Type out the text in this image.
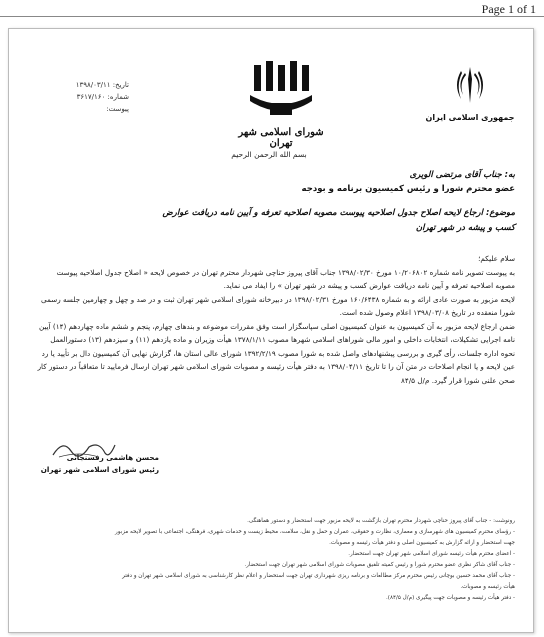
Page 1 of 1
تاریخ: ۱۳۹۸/۰۳/۱۱
شماره: ۳۶۱۷/۱۶۰
پیوست:
شورای اسلامی شهر تهران
جمهوری اسلامی ایران
بسم الله الرحمن الرحیم
به: جناب آقای مرتضی الویری
عضو محترم شورا و رئیس کمیسیون برنامه و بودجه
موضوع: ارجاع لایحه اصلاح جدول اصلاحیه پیوست مصوبه اصلاحیه تعرفه و آیین نامه دریافت عوارض
کسب و پیشه در شهر تهران

سلام علیکم؛

به پیوست تصویر نامه شماره ۱۰/۲۰۶۸۰۲ مورخ ۱۳۹۸/۰۲/۳۰ جناب آقای پیروز حناچی شهردار محترم تهران در خصوص لایحه « اصلاح جدول اصلاحیه پیوست مصوبه اصلاحیه تعرفه و آیین نامه دریافت عوارض کسب و پیشه در شهر تهران » را ایفاد می نماید.

لایحه مزبور به صورت عادی ارائه و به شماره ۱۶۰/۶۴۳۸ مورخ ۱۳۹۸/۰۲/۳۱ در دبیرخانه شورای اسلامی شهر تهران ثبت و در صد و چهل و چهارمین جلسه رسمی شورا منعقده در تاریخ ۱۳۹۸/۰۳/۰۸ اعلام وصول شده است.

ضمن ارجاع لایحه مزبور به آن کمیسیون به عنوان کمیسیون اصلی سپاسگزار است وفق مقررات موضوعه و بندهای چهارم، پنجم و ششم ماده چهاردهم (۱۴) آیین نامه اجرایی تشکیلات، انتخابات داخلی و امور مالی شوراهای اسلامی شهرها مصوب ۱۳۷۸/۱/۱۱ هیأت وزیران و ماده یازدهم (۱۱) و سیزدهم (۱۳) دستورالعمل نحوه اداره جلسات، رأی گیری و بررسی پیشنهادهای واصل شده به شورا مصوب ۱۳۹۲/۲/۱۹ شورای عالی استان ها، گزارش نهایی آن کمیسیون دال بر تأیید یا رد عین لایحه و یا انجام اصلاحات در متن آن را تا تاریخ ۱۳۹۸/۰۴/۱۱ به دفتر هیأت رئیسه و مصوبات شورای اسلامی شهر تهران ارسال فرمایید تا متعاقباً در دستور کار صحن علنی شورا قرار گیرد. م/ل ۸۴/۵

محسن هاشمی رفسنجانی
رئیس شورای اسلامی شهر تهران
رونوشت: - جناب آقای پیروز حناچی شهردار محترم تهران بازگشت به لایحه مزبور جهت استحضار و دستور هماهنگی.
- رؤسای محترم کمیسیون های شهرسازی و معماری، نظارت و حقوقی، عمران و حمل و نقل، سلامت، محیط زیست و خدمات شهری، فرهنگی، اجتماعی با تصویر لایحه مزبور
جهت استحضار و ارائه گزارش به کمیسیون اصلی و دفتر هیأت رئیسه و مصوبات.
- اعضای محترم هیأت رئیسه شورای اسلامی شهر تهران جهت استحضار.
- جناب آقای شاکر نظری عضو محترم شورا و رئیس کمیته تلفیق مصوبات شورای اسلامی شهر تهران جهت استحضار.
- جناب آقای محمد حسین بوچانی رئیس محترم مرکز مطالعات و برنامه ریزی شهرداری تهران جهت استحضار و اعلام نظر کارشناسی به شورای اسلامی شهر تهران و دفتر
هیأت رئیسه و مصوبات.
- دفتر هیأت رئیسه و مصوبات جهت پیگیری (م/ل ۸۴/۵).
